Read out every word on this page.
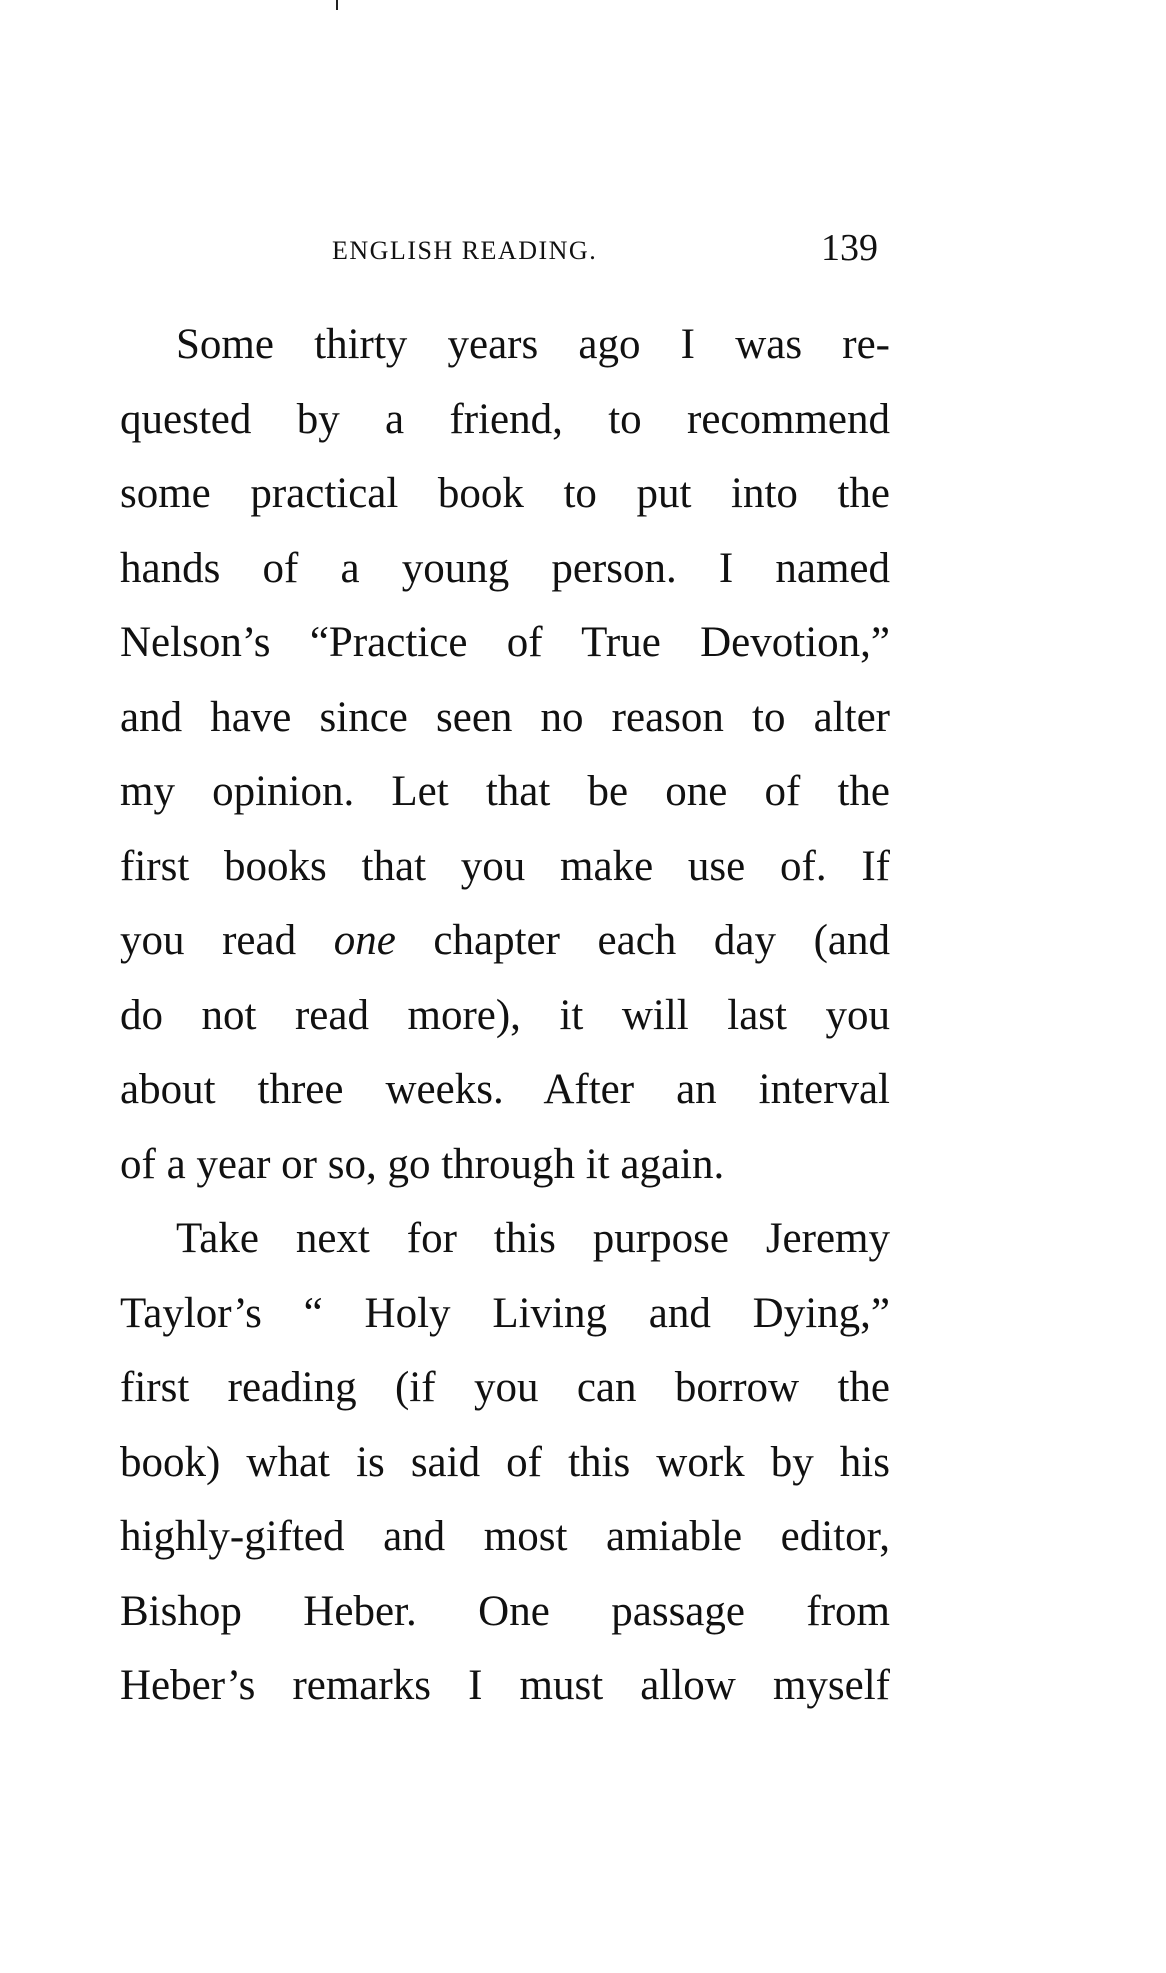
ENGLISH READING.	139
Some thirty years ago I was re-
quested by a friend, to recommend
some practical book to put into the
hands of a young person. I named
Nelson’s “Practice of True Devotion,”
and have since seen no reason to alter
my opinion. Let that be one of the
first books that you make use of. If
you read one chapter each day (and
do not read more), it will last you
about three weeks. After an interval
of a year or so, go through it again.
Take next for this purpose Jeremy
Taylor’s “ Holy Living and Dying,”
first reading (if you can borrow the
book) what is said of this work by his
highly-gifted and most amiable editor,
Bishop Heber. One passage from
Heber’s remarks I must allow myself
